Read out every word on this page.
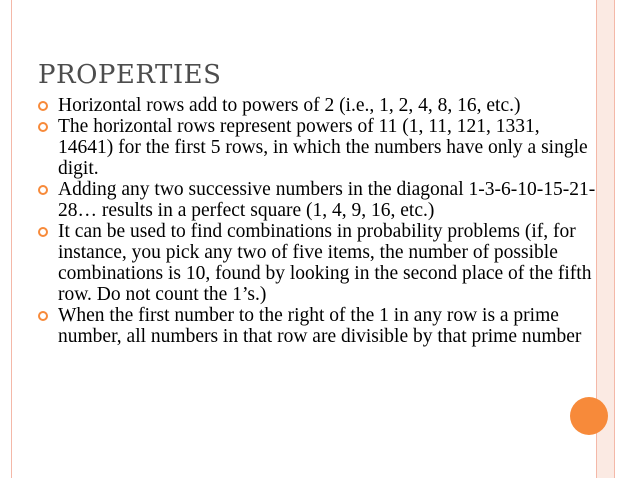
PROPERTIES
Horizontal rows add to powers of 2 (i.e., 1, 2, 4, 8, 16, etc.)
The horizontal rows represent powers of 11 (1, 11, 121, 1331, 14641) for the first 5 rows, in which the numbers have only a single digit.
Adding any two successive numbers in the diagonal 1-3-6-10-15-21-28… results in a perfect square (1, 4, 9, 16, etc.)
It can be used to find combinations in probability problems (if, for instance, you pick any two of five items, the number of possible combinations is 10, found by looking in the second place of the fifth row. Do not count the 1’s.)
When the first number to the right of the 1 in any row is a prime number, all numbers in that row are divisible by that prime number
